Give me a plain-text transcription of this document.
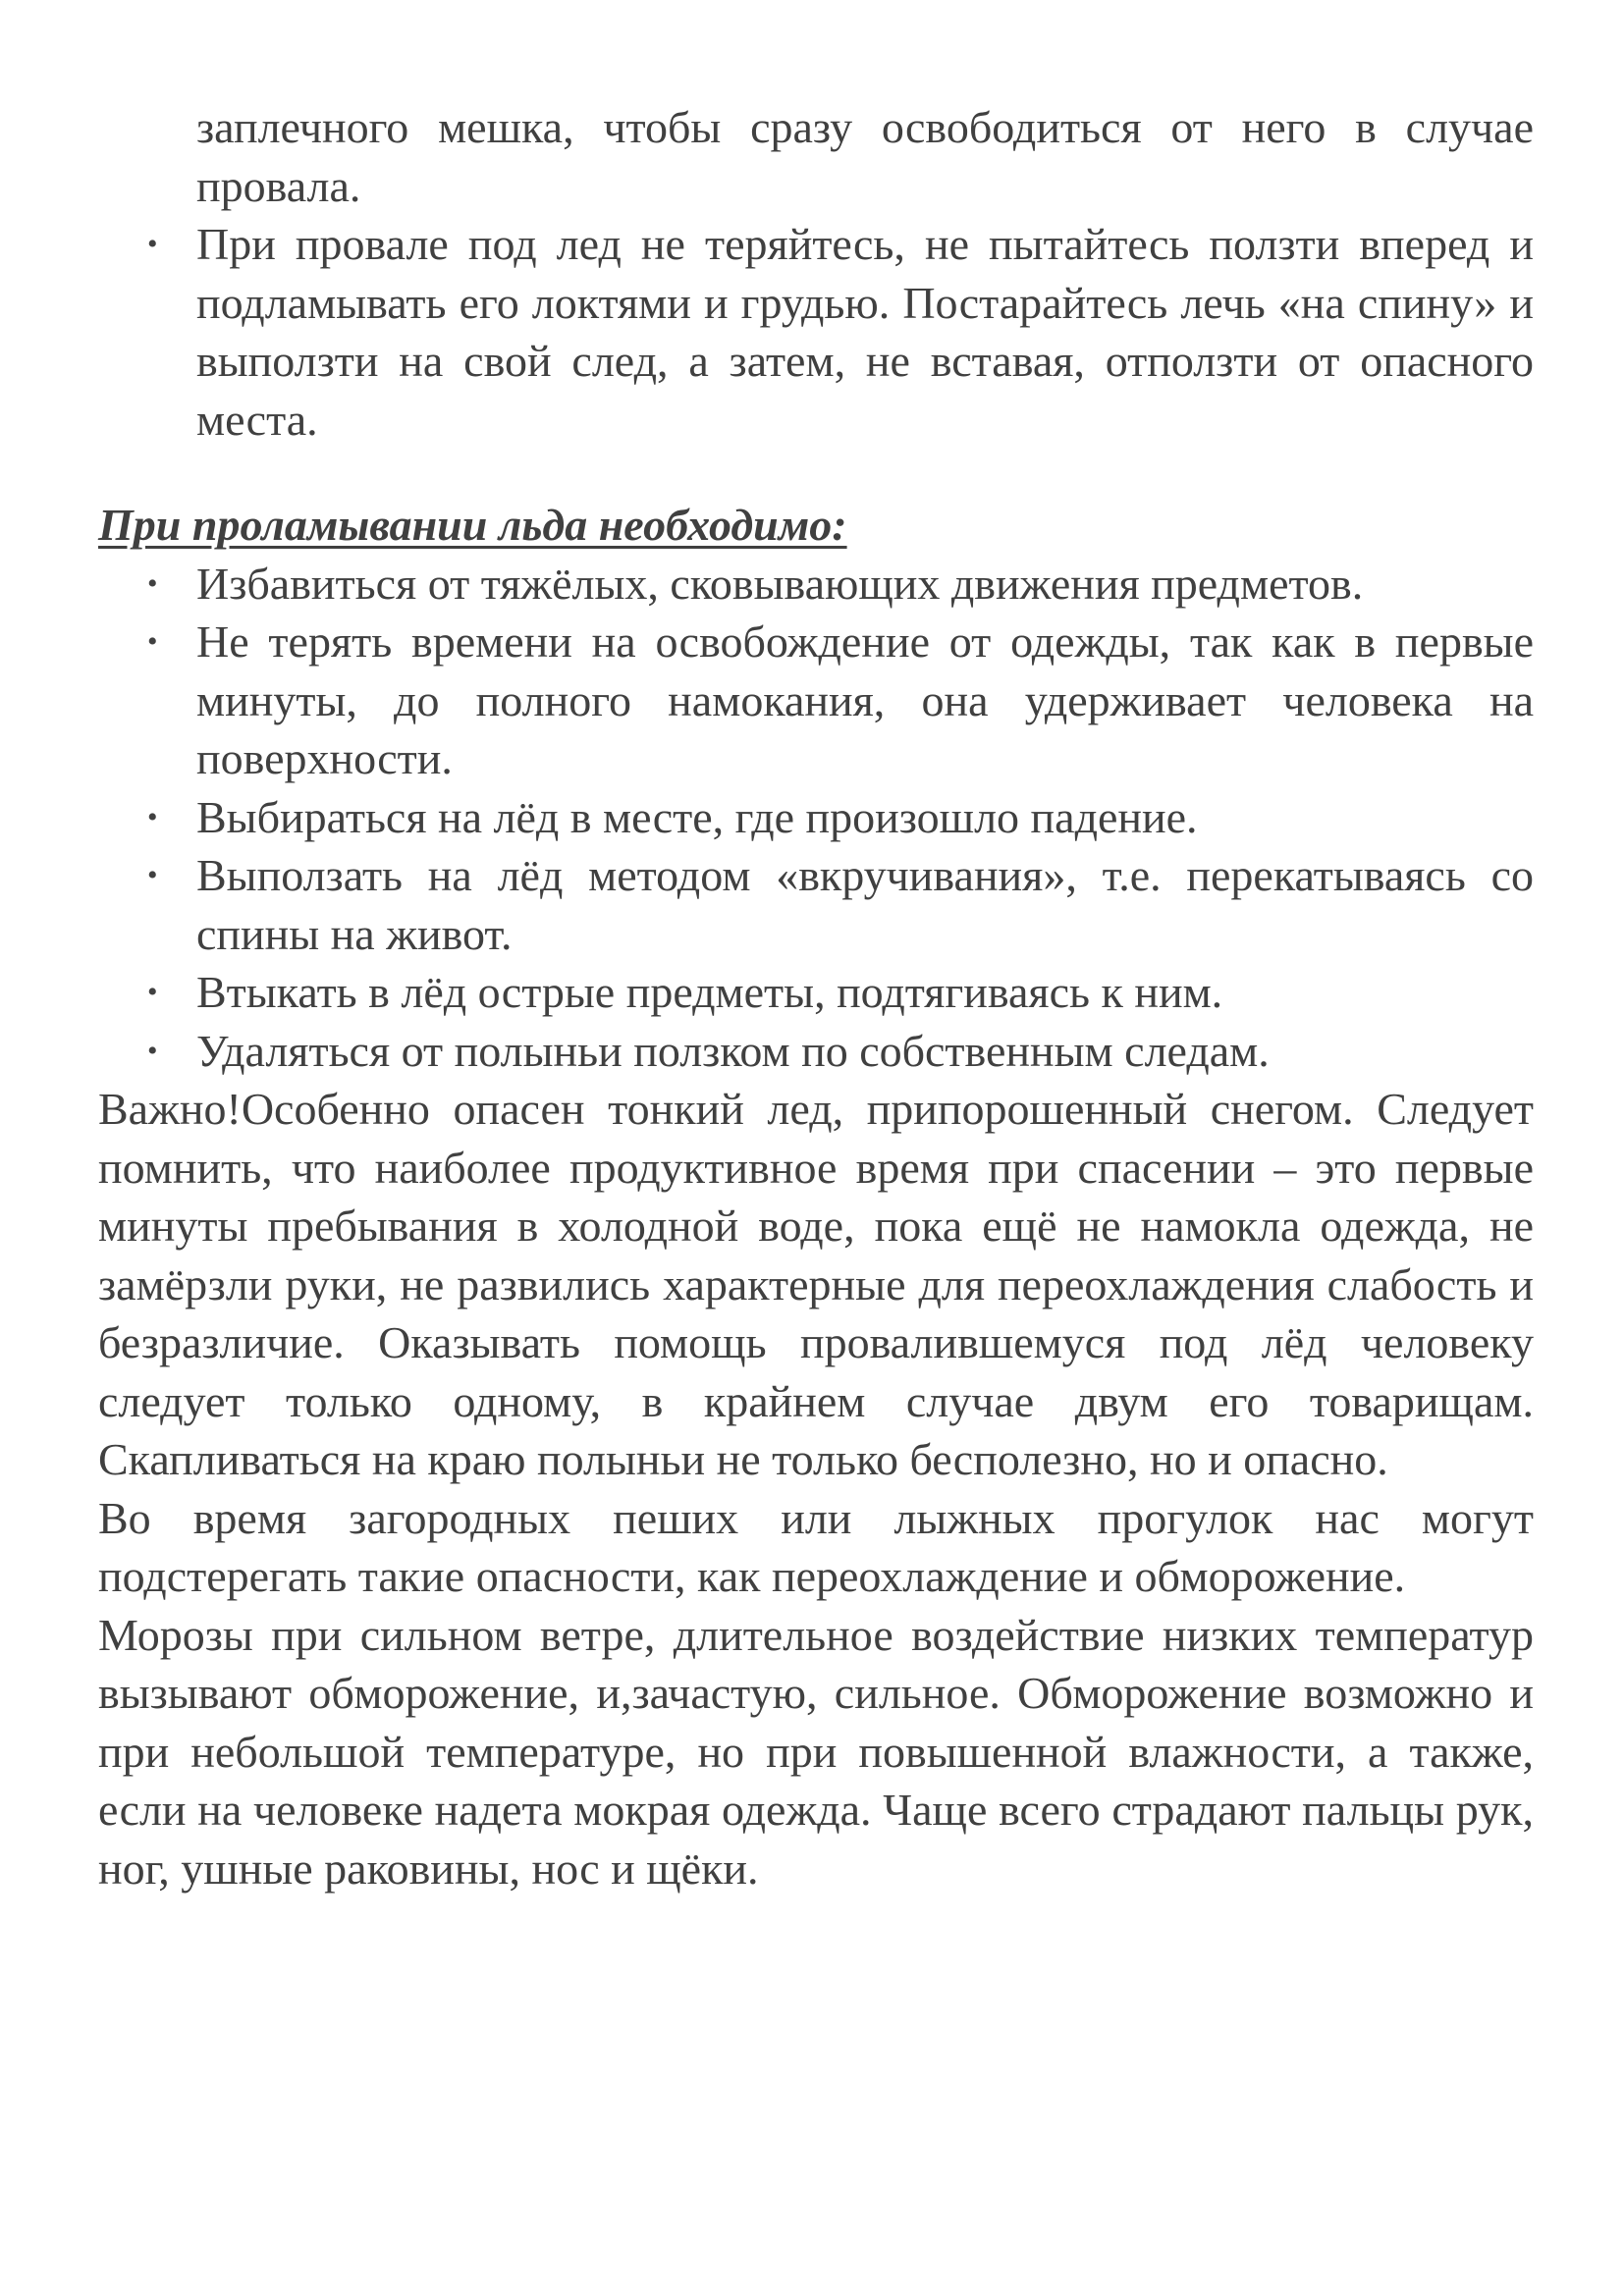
заплечного мешка, чтобы сразу освободиться от него в случае провала.

• При провале под лед не теряйтесь, не пытайтесь ползти вперед и подламывать его локтями и грудью. Постарайтесь лечь «на спину» и выползти на свой след, а затем, не вставая, отползти от опасного места.

При проламывании льда необходимо:

• Избавиться от тяжёлых, сковывающих движения предметов.
• Не терять времени на освобождение от одежды, так как в первые минуты, до полного намокания, она удерживает человека на поверхности.
• Выбираться на лёд в месте, где произошло падение.
• Выползать на лёд методом «вкручивания», т.е. перекатываясь со спины на живот.
• Втыкать в лёд острые предметы, подтягиваясь к ним.
• Удаляться от полыньи ползком по собственным следам.

Важно!Особенно опасен тонкий лед, припорошенный снегом. Следует помнить, что наиболее продуктивное время при спасении – это первые минуты пребывания в холодной воде, пока ещё не намокла одежда, не замёрзли руки, не развились характерные для переохлаждения слабость и безразличие. Оказывать помощь провалившемуся под лёд человеку следует только одному, в крайнем случае двум его товарищам. Скапливаться на краю полыньи не только бесполезно, но и опасно.

Во время загородных пеших или лыжных прогулок нас могут подстерегать такие опасности, как переохлаждение и обморожение.

Морозы при сильном ветре, длительное воздействие низких температур вызывают обморожение, и,зачастую, сильное. Обморожение возможно и при небольшой температуре, но при повышенной влажности, а также, если на человеке надета мокрая одежда. Чаще всего страдают пальцы рук, ног, ушные раковины, нос и щёки.
